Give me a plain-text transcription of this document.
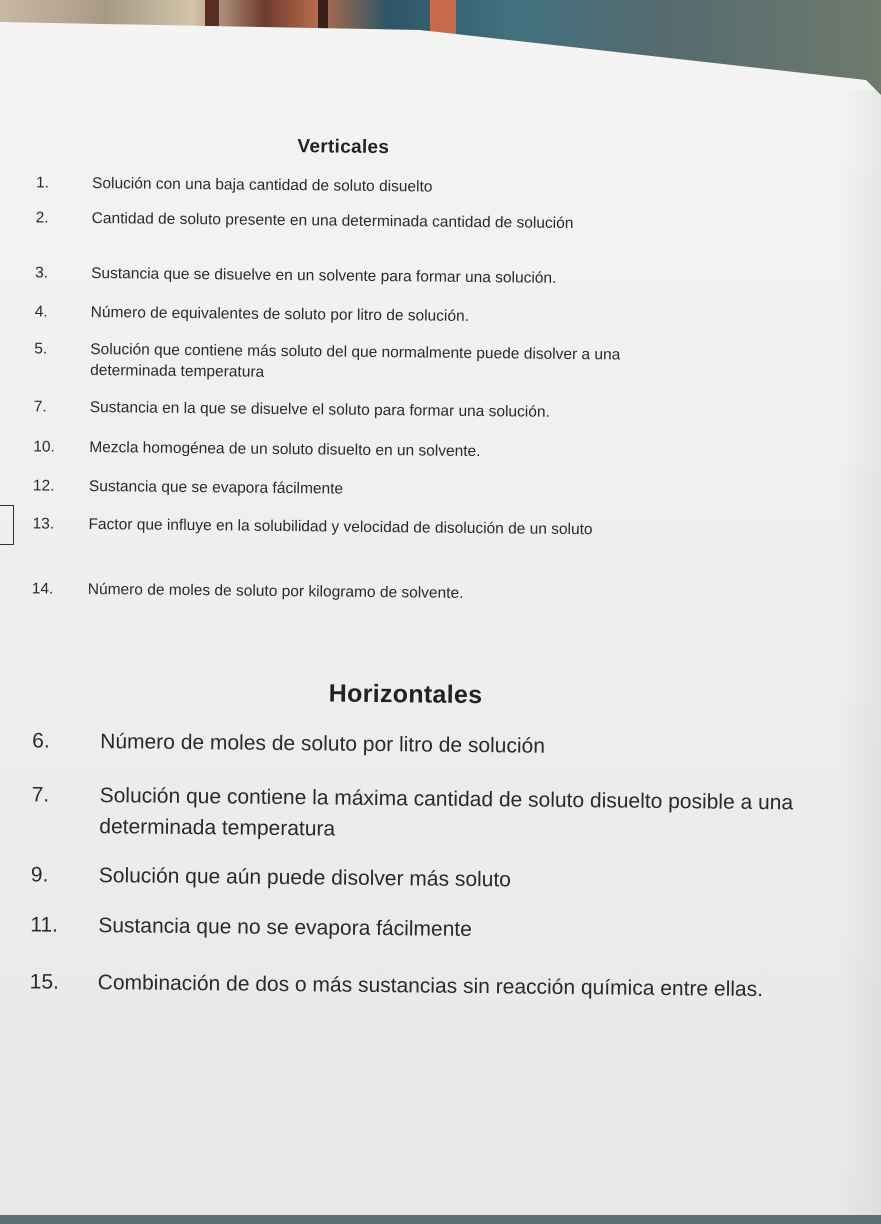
Verticales
1.	Solución con una baja cantidad de soluto disuelto
2.	Cantidad de soluto presente en una determinada cantidad de solución
3.	Sustancia que se disuelve en un solvente para formar una solución.
4.	Número de equivalentes de soluto por litro de solución.
5.	Solución que contiene más soluto del que normalmente puede disolver a una determinada temperatura
7.	Sustancia en la que se disuelve el soluto para formar una solución.
10.	Mezcla homogénea de un soluto disuelto en un solvente.
12.	Sustancia que se evapora fácilmente
13.	Factor que influye en la solubilidad y velocidad de disolución de un soluto
14.	Número de moles de soluto por kilogramo de solvente.
Horizontales
6.	Número de moles de soluto por litro de solución
7.	Solución que contiene la máxima cantidad de soluto disuelto posible a una determinada temperatura
9.	Solución que aún puede disolver más soluto
11.	Sustancia que no se evapora fácilmente
15.	Combinación de dos o más sustancias sin reacción química entre ellas.
